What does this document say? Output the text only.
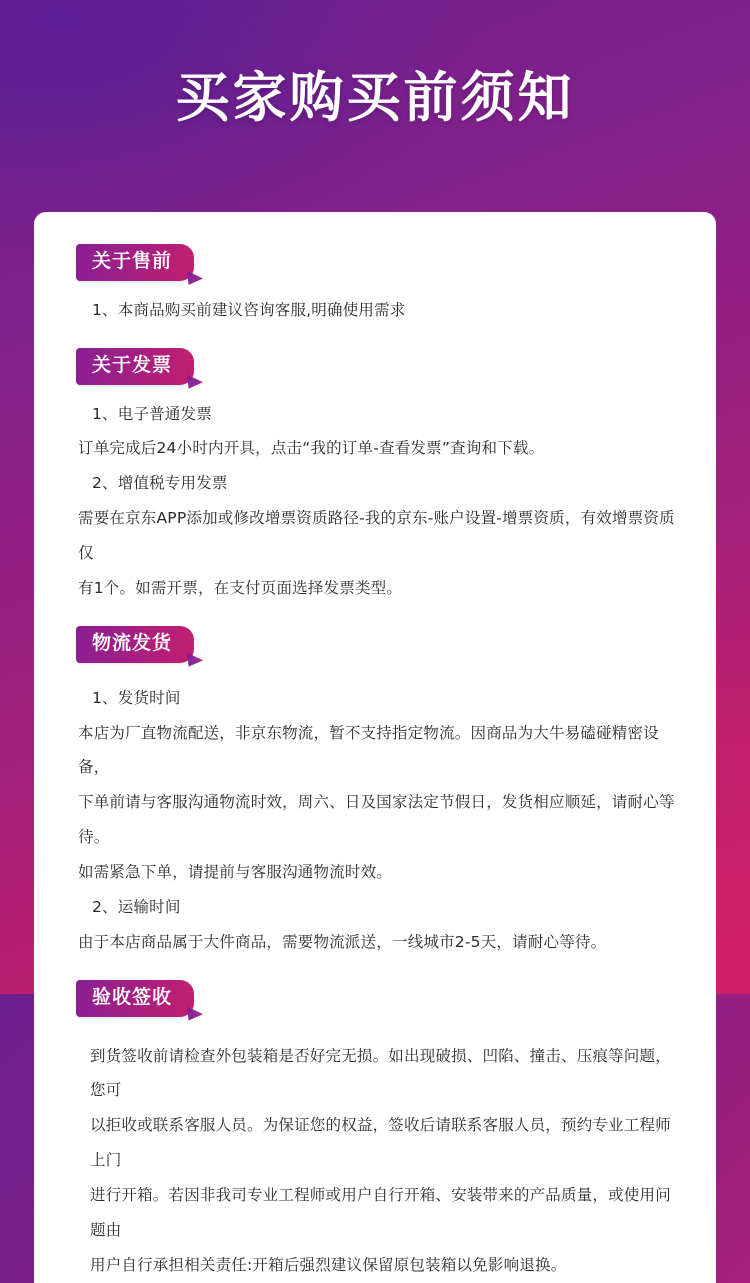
买家购买前须知
关于售前
1、本商品购买前建议咨询客服,明确使用需求
关于发票
1、电子普通发票
订单完成后24小时内开具，点击“我的订单-查看发票”查询和下载。
2、增值税专用发票
需要在京东APP添加或修改增票资质路径-我的京东-账户设置-增票资质，有效增票资质仅
有1个。如需开票，在支付页面选择发票类型。
物流发货
1、发货时间
本店为厂直物流配送，非京东物流，暂不支持指定物流。因商品为大牛易磕碰精密设备，
下单前请与客服沟通物流时效，周六、日及国家法定节假日，发货相应顺延，请耐心等待。
如需紧急下单，请提前与客服沟通物流时效。
2、运输时间
由于本店商品属于大件商品，需要物流派送，一线城市2-5天，请耐心等待。
验收签收
到货签收前请检查外包装箱是否好完无损。如出现破损、凹陷、撞击、压痕等问题，您可
以拒收或联系客服人员。为保证您的权益，签收后请联系客服人员，预约专业工程师上门
进行开箱。若因非我司专业工程师或用户自行开箱、安装带来的产品质量，或使用问题由
用户自行承担相关责任:开箱后强烈建议保留原包装箱以免影响退换。
